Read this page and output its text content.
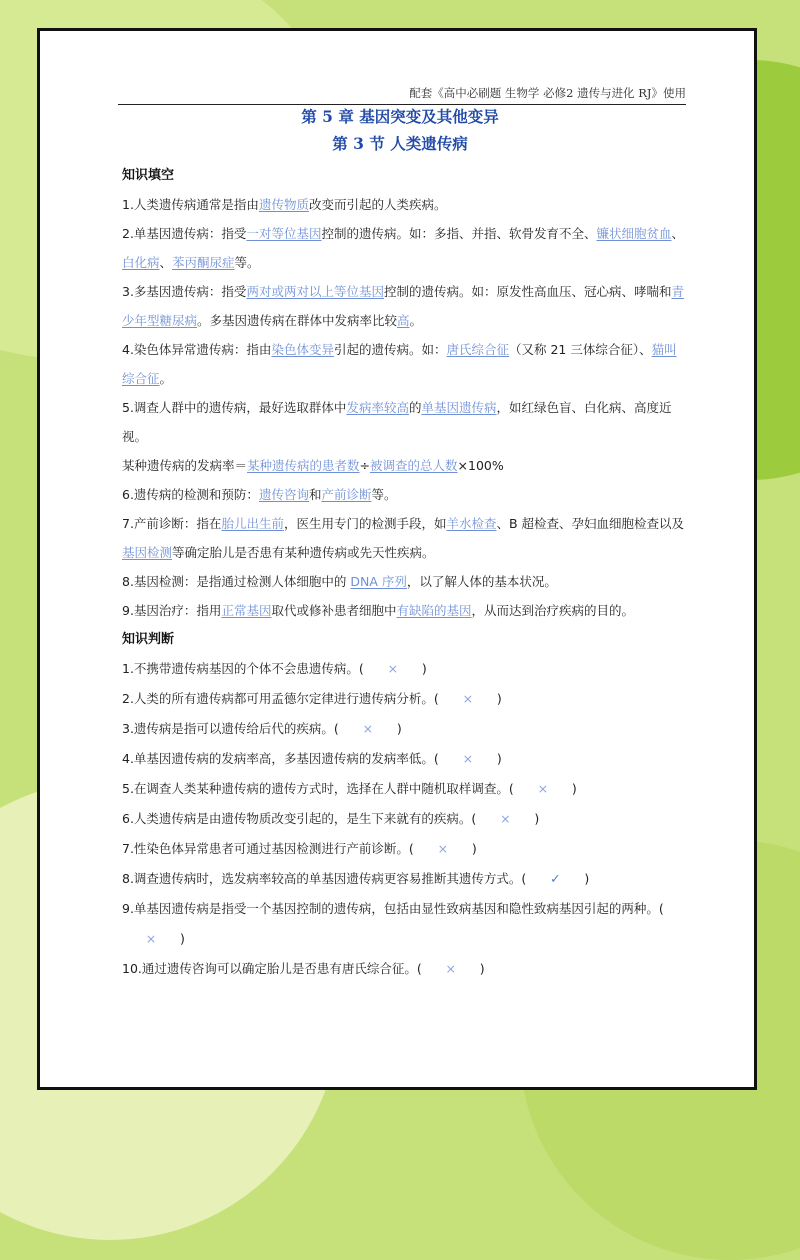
配套《高中必刷题 生物学 必修2 遗传与进化 RJ》使用
第 5 章 基因突变及其他变异
第 3 节 人类遗传病
知识填空

1.人类遗传病通常是指由遗传物质改变而引起的人类疾病。

2.单基因遗传病：指受一对等位基因控制的遗传病。如：多指、并指、软骨发育不全、镰状细胞贫血、白化病、苯丙酮尿症等。

3.多基因遗传病：指受两对或两对以上等位基因控制的遗传病。如：原发性高血压、冠心病、哮喘和青少年型糖尿病。多基因遗传病在群体中发病率比较高。

4.染色体异常遗传病：指由染色体变异引起的遗传病。如：唐氏综合征（又称 21 三体综合征）、猫叫综合征。

5.调查人群中的遗传病，最好选取群体中发病率较高的单基因遗传病，如红绿色盲、白化病、高度近视。

某种遗传病的发病率＝某种遗传病的患者数÷被调查的总人数×100%

6.遗传病的检测和预防：遗传咨询和产前诊断等。

7.产前诊断：指在胎儿出生前，医生用专门的检测手段，如羊水检查、B 超检查、孕妇血细胞检查以及基因检测等确定胎儿是否患有某种遗传病或先天性疾病。

8.基因检测：是指通过检测人体细胞中的 DNA 序列，以了解人体的基本状况。

9.基因治疗：指用正常基因取代或修补患者细胞中有缺陷的基因，从而达到治疗疾病的目的。

知识判断
1.不携带遗传病基因的个体不会患遗传病。( × )
2.人类的所有遗传病都可用孟德尔定律进行遗传病分析。( × )
3.遗传病是指可以遗传给后代的疾病。( × )
4.单基因遗传病的发病率高，多基因遗传病的发病率低。( × )
5.在调查人类某种遗传病的遗传方式时，选择在人群中随机取样调查。( × )
6.人类遗传病是由遗传物质改变引起的，是生下来就有的疾病。( × )
7.性染色体异常患者可通过基因检测进行产前诊断。( × )
8.调查遗传病时，选发病率较高的单基因遗传病更容易推断其遗传方式。( ✓ )
9.单基因遗传病是指受一个基因控制的遗传病，包括由显性致病基因和隐性致病基因引起的两种。(× )
10.通过遗传咨询可以确定胎儿是否患有唐氏综合征。( × )
